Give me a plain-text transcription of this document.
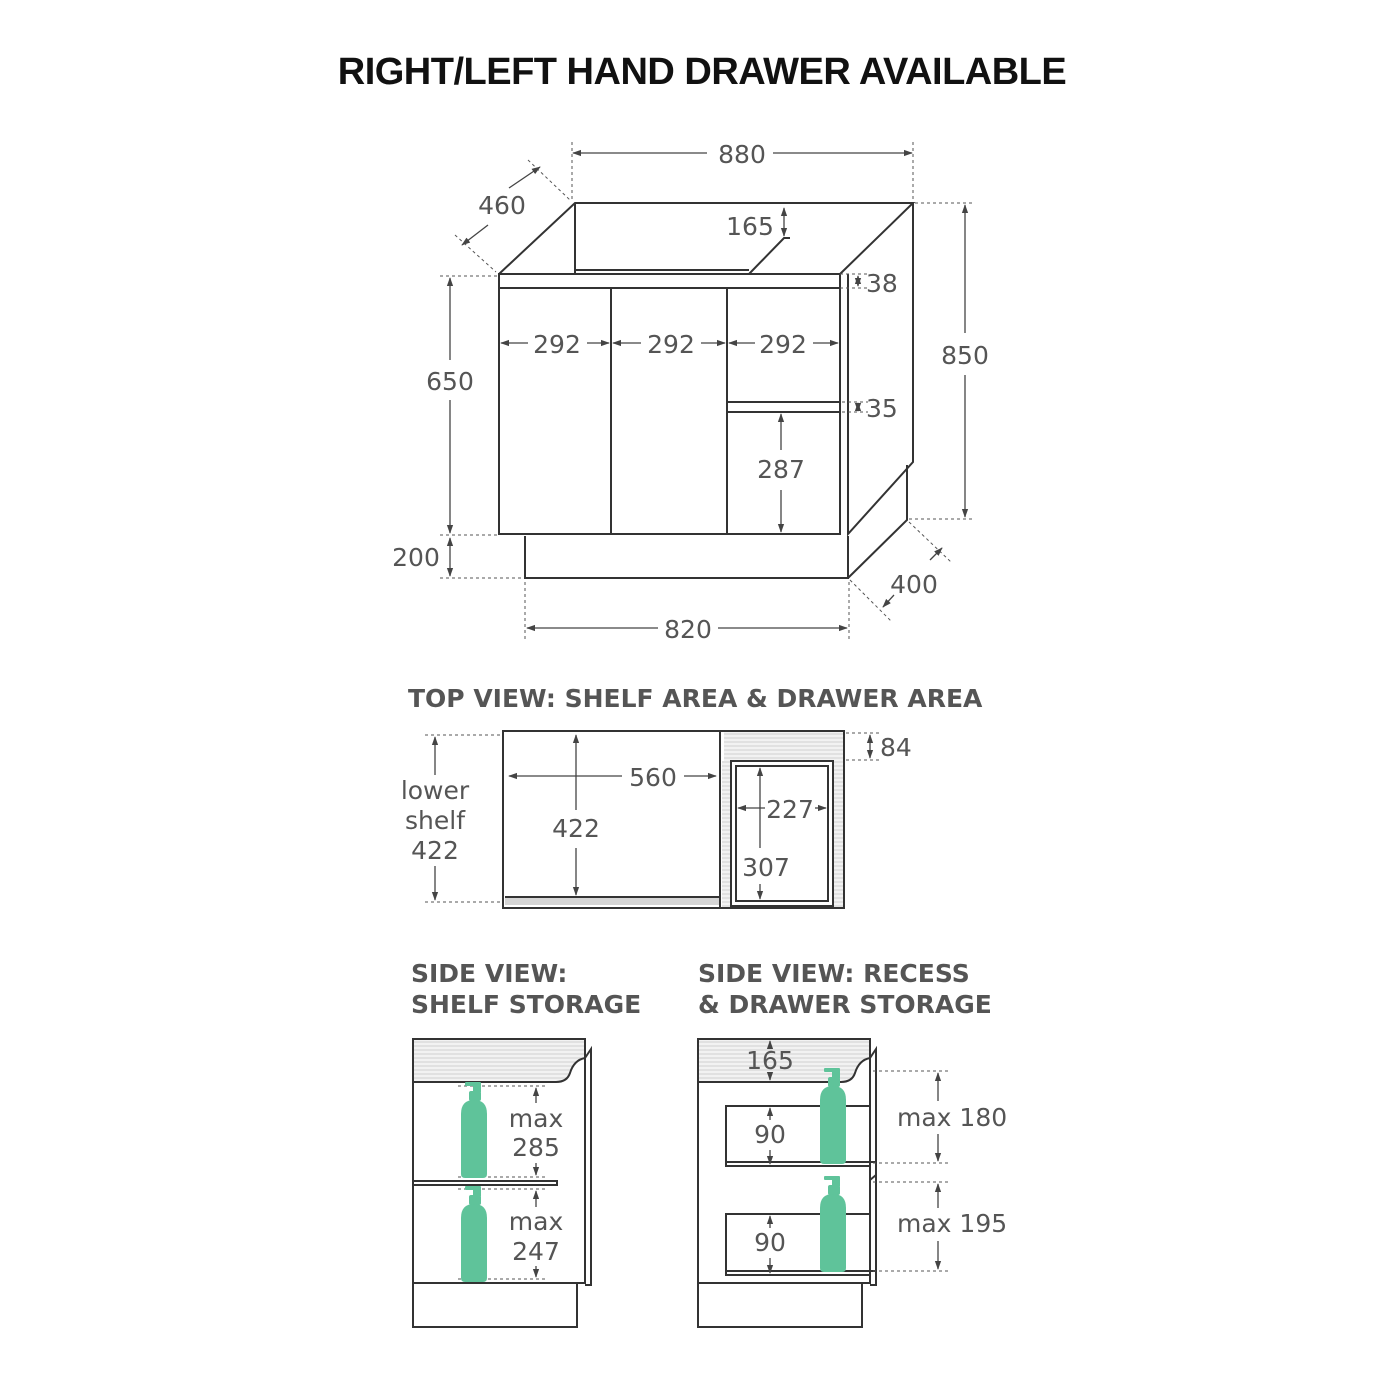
RIGHT/LEFT HAND DRAWER AVAILABLE
880
460
165
38
292	292	292
650
200
850
35
287
400
820
TOP VIEW: SHELF AREA & DRAWER AREA
lower
shelf
422
560
422
84
227
307
SIDE VIEW:
SHELF STORAGE
max
285
max
247
SIDE VIEW: RECESS
& DRAWER STORAGE
165
90
90
max 180
max 195
